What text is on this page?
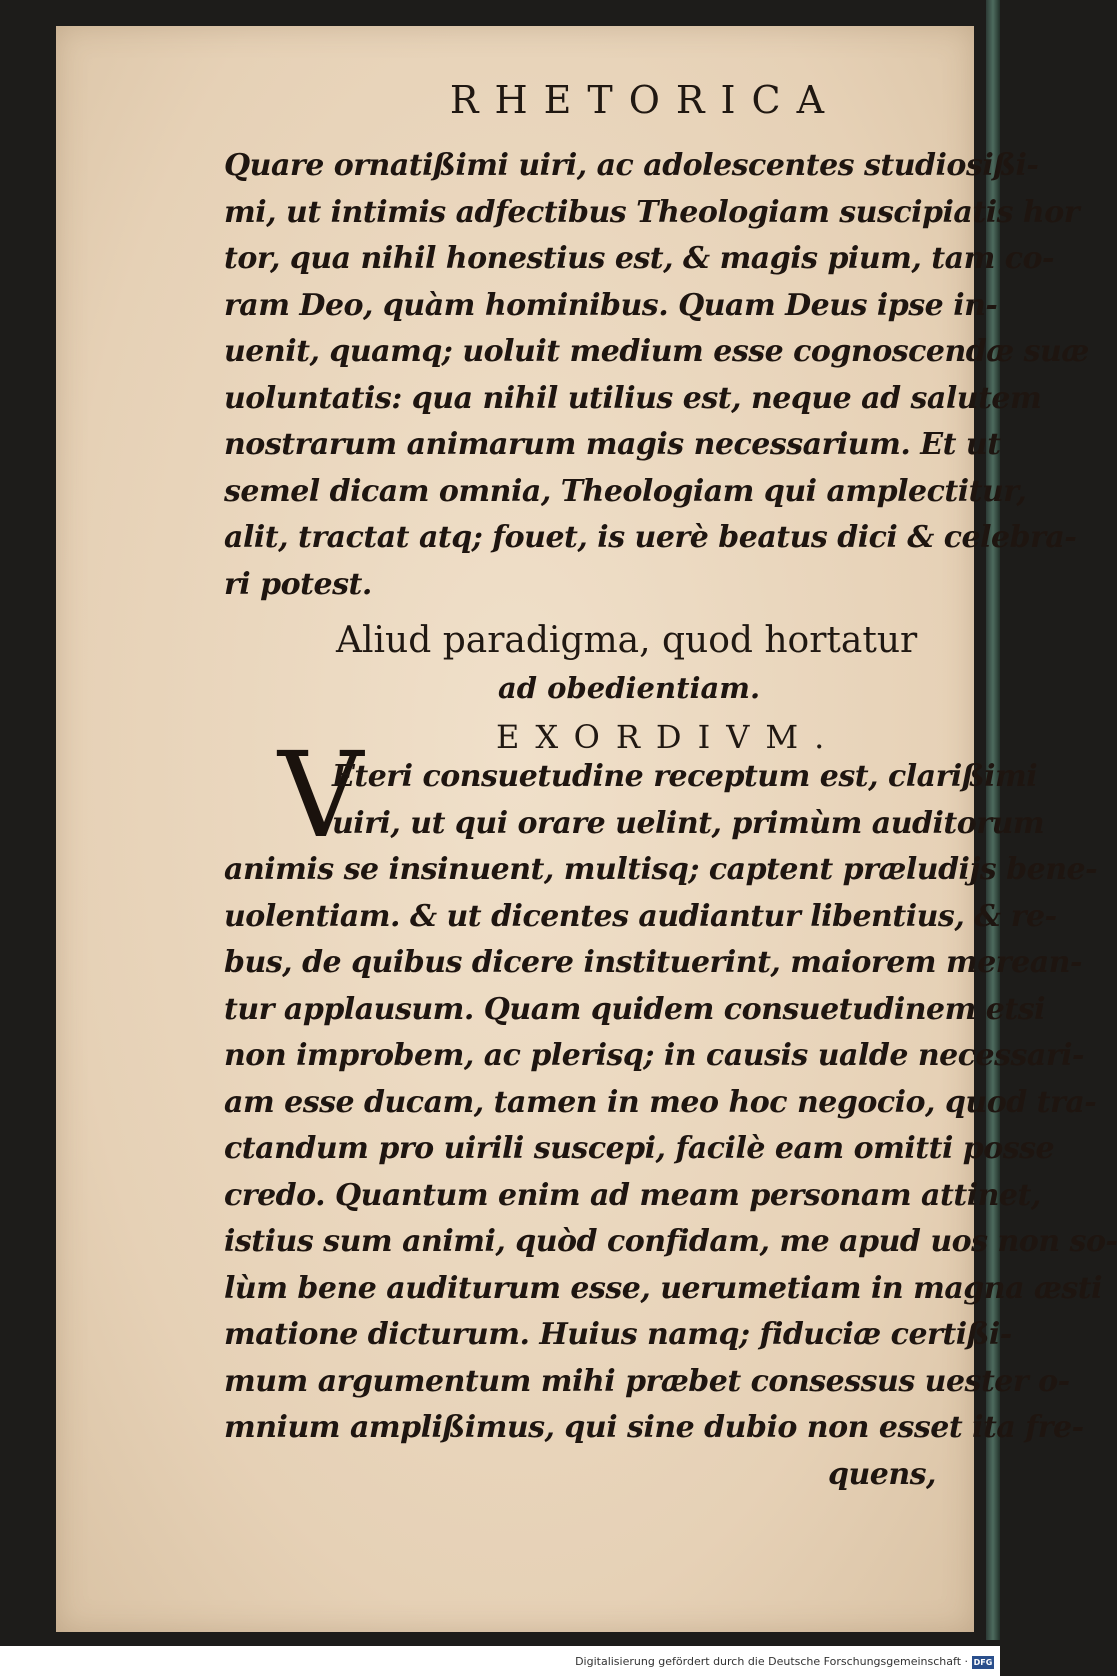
RHETORICA
Quare ornatißimi uiri, ac adolescentes studiosißi-
mi, ut intimis adfectibus Theologiam suscipiatis hor
tor, qua nihil honestius est, & magis pium, tam co-
ram Deo, quàm hominibus. Quam Deus ipse in-
uenit, quamq; uoluit medium esse cognoscendæ suæ
uoluntatis: qua nihil utilius est, neque ad salutem
nostrarum animarum magis necessarium. Et ut
semel dicam omnia, Theologiam qui amplectitur,
alit, tractat atq; fouet, is uerè beatus dici & celebra-
ri potest.
Aliud paradigma, quod hortatur
ad obedientiam.
EXORDIVM.
V
Eteri consuetudine receptum est, clarißimi
uiri, ut qui orare uelint, primùm auditorum
animis se insinuent, multisq; captent præludijs bene-
uolentiam. & ut dicentes audiantur libentius, & re-
bus, de quibus dicere instituerint, maiorem merean-
tur applausum. Quam quidem consuetudinem etsi
non improbem, ac plerisq; in causis ualde necessari-
am esse ducam, tamen in meo hoc negocio, quod tra-
ctandum pro uirili suscepi, facilè eam omitti posse
credo. Quantum enim ad meam personam attinet,
istius sum animi, quòd confidam, me apud uos non so-
lùm bene auditurum esse, uerumetiam in magna æsti
matione dicturum. Huius namq; fiduciæ certißi-
mum argumentum mihi præbet consessus uester o-
mnium amplißimus, qui sine dubio non esset ita fre-
quens,
Digitalisierung gefördert durch die Deutsche Forschungsgemeinschaft · DFG
